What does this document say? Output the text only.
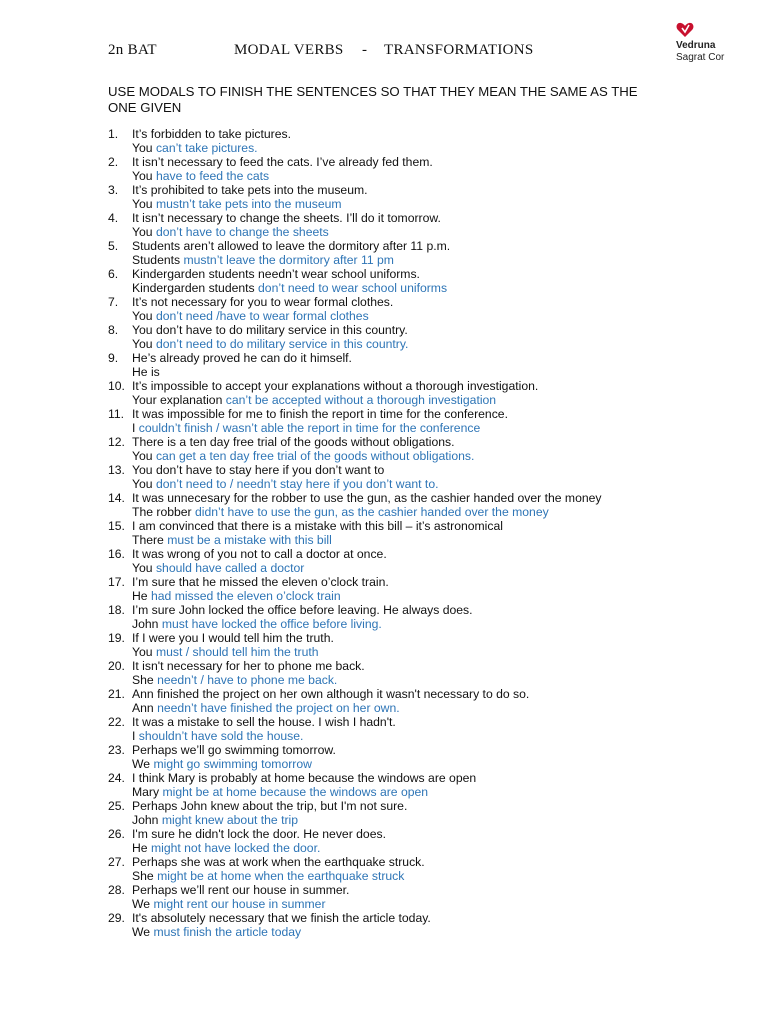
2n BAT	MODAL VERBS - TRANSFORMATIONS	Vedruna
Sagrat Cor
USE MODALS TO FINISH THE SENTENCES SO THAT THEY MEAN THE SAME AS THE ONE GIVEN
1.	It’s forbidden to take pictures.
You can’t take pictures.
2.	It isn’t necessary to feed the cats. I’ve already fed them.
You have to feed the cats
3.	It’s prohibited to take pets into the museum.
You mustn’t take pets into the museum
4.	It isn’t necessary to change the sheets. I’ll do it tomorrow.
You don’t have to change the sheets
5.	Students aren’t allowed to leave the dormitory after 11 p.m.
Students mustn’t leave the dormitory after 11 pm
6.	Kindergarden students needn’t wear school uniforms.
Kindergarden students don’t need to wear school uniforms
7.	It’s not necessary for you to wear formal clothes.
You don’t need /have to wear formal clothes
8.	You don’t have to do military service in this country.
You don’t need to do military service in this country.
9.	He’s already proved he can do it himself.
He is
10. It’s impossible to accept your explanations without a thorough investigation.
Your explanation can’t be accepted without a thorough investigation
11. It was impossible for me to finish the report in time for the conference.
I couldn’t finish / wasn’t able the report in time for the conference
12. There is a ten day free trial of the goods without obligations.
You can get a ten day free trial of the goods without obligations.
13. You don’t have to stay here if you don’t want to
You don’t need to / needn’t stay here if you don’t want to.
14. It was unnecesary for the robber to use the gun, as the cashier handed over the money
The robber didn’t have to use the gun, as the cashier handed over the money
15. I am convinced that there is a mistake with this bill – it’s astronomical
There must be a mistake with this bill
16. It was wrong of you not to call a doctor at once.
You should have called a doctor
17. I’m sure that he missed the eleven o’clock train.
He had missed the eleven o’clock train
18. I’m sure John locked the office before leaving. He always does.
John must have locked the office before living.
19. If I were you I would tell him the truth.
You must / should tell him the truth
20. It isn't necessary for her to phone me back.
She needn’t / have to phone me back.
21. Ann finished the project on her own although it wasn't necessary to do so.
Ann needn’t have finished the project on her own.
22. It was a mistake to sell the house. I wish I hadn't.
I shouldn’t have sold the house.
23. Perhaps we’ll go swimming tomorrow.
We might go swimming tomorrow
24. I think Mary is probably at home because the windows are open
Mary might be at home because the windows are open
25. Perhaps John knew about the trip, but I'm not sure.
John might knew about the trip
26. I'm sure he didn't lock the door. He never does.
He might not have locked the door.
27. Perhaps she was at work when the earthquake struck.
She might be at home when the earthquake struck
28. Perhaps we’ll rent our house in summer.
We might rent our house in summer
29. It's absolutely necessary that we finish the article today.
We must finish the article today
